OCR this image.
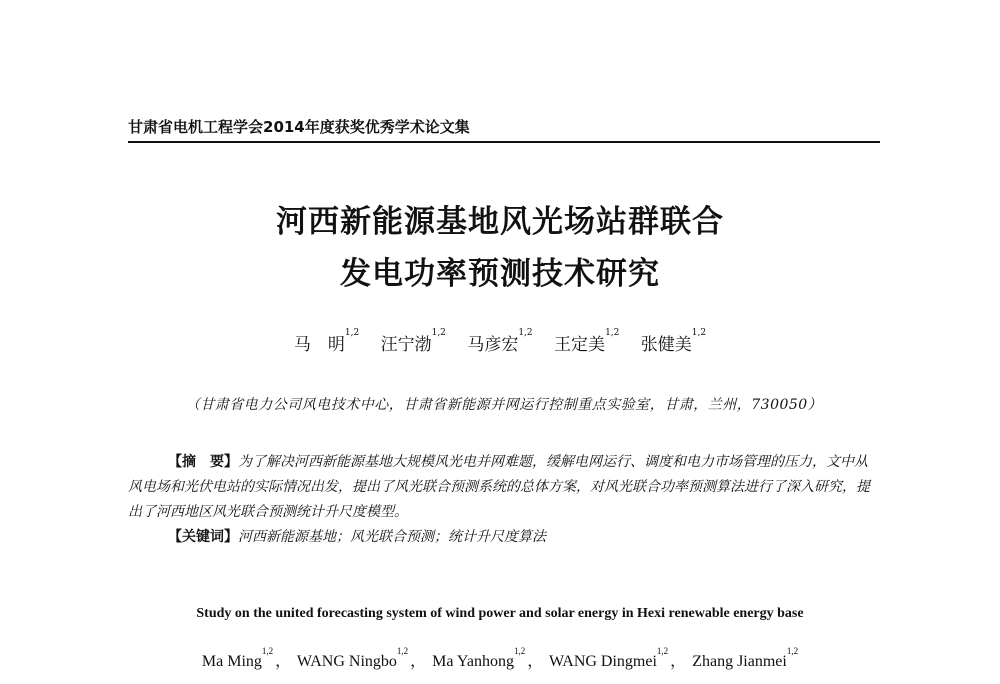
甘肃省电机工程学会2014年度获奖优秀学术论文集
河西新能源基地风光场站群联合
发电功率预测技术研究
马　明$^{1,2}$ 汪宁渤$^{1,2}$ 马彦宏$^{1,2}$ 王定美$^{1,2}$ 张健美$^{1,2}$
（甘肃省电力公司风电技术中心，甘肃省新能源并网运行控制重点实验室，甘肃，兰州，730050）
【摘　要】为了解决河西新能源基地大规模风光电并网难题，缓解电网运行、调度和电力市场管理的压力，文中从风电场和光伏电站的实际情况出发，提出了风光联合预测系统的总体方案，对风光联合功率预测算法进行了深入研究，提出了河西地区风光联合预测统计升尺度模型。
【关键词】河西新能源基地；风光联合预测；统计升尺度算法
Study on the united forecasting system of wind power and solar energy in Hexi renewable energy base
Ma Ming$^{1,2}$， WANG Ningbo$^{1,2}$， Ma Yanhong$^{1,2}$， WANG Dingmei$^{1,2}$， Zhang Jianmei$^{1,2}$
